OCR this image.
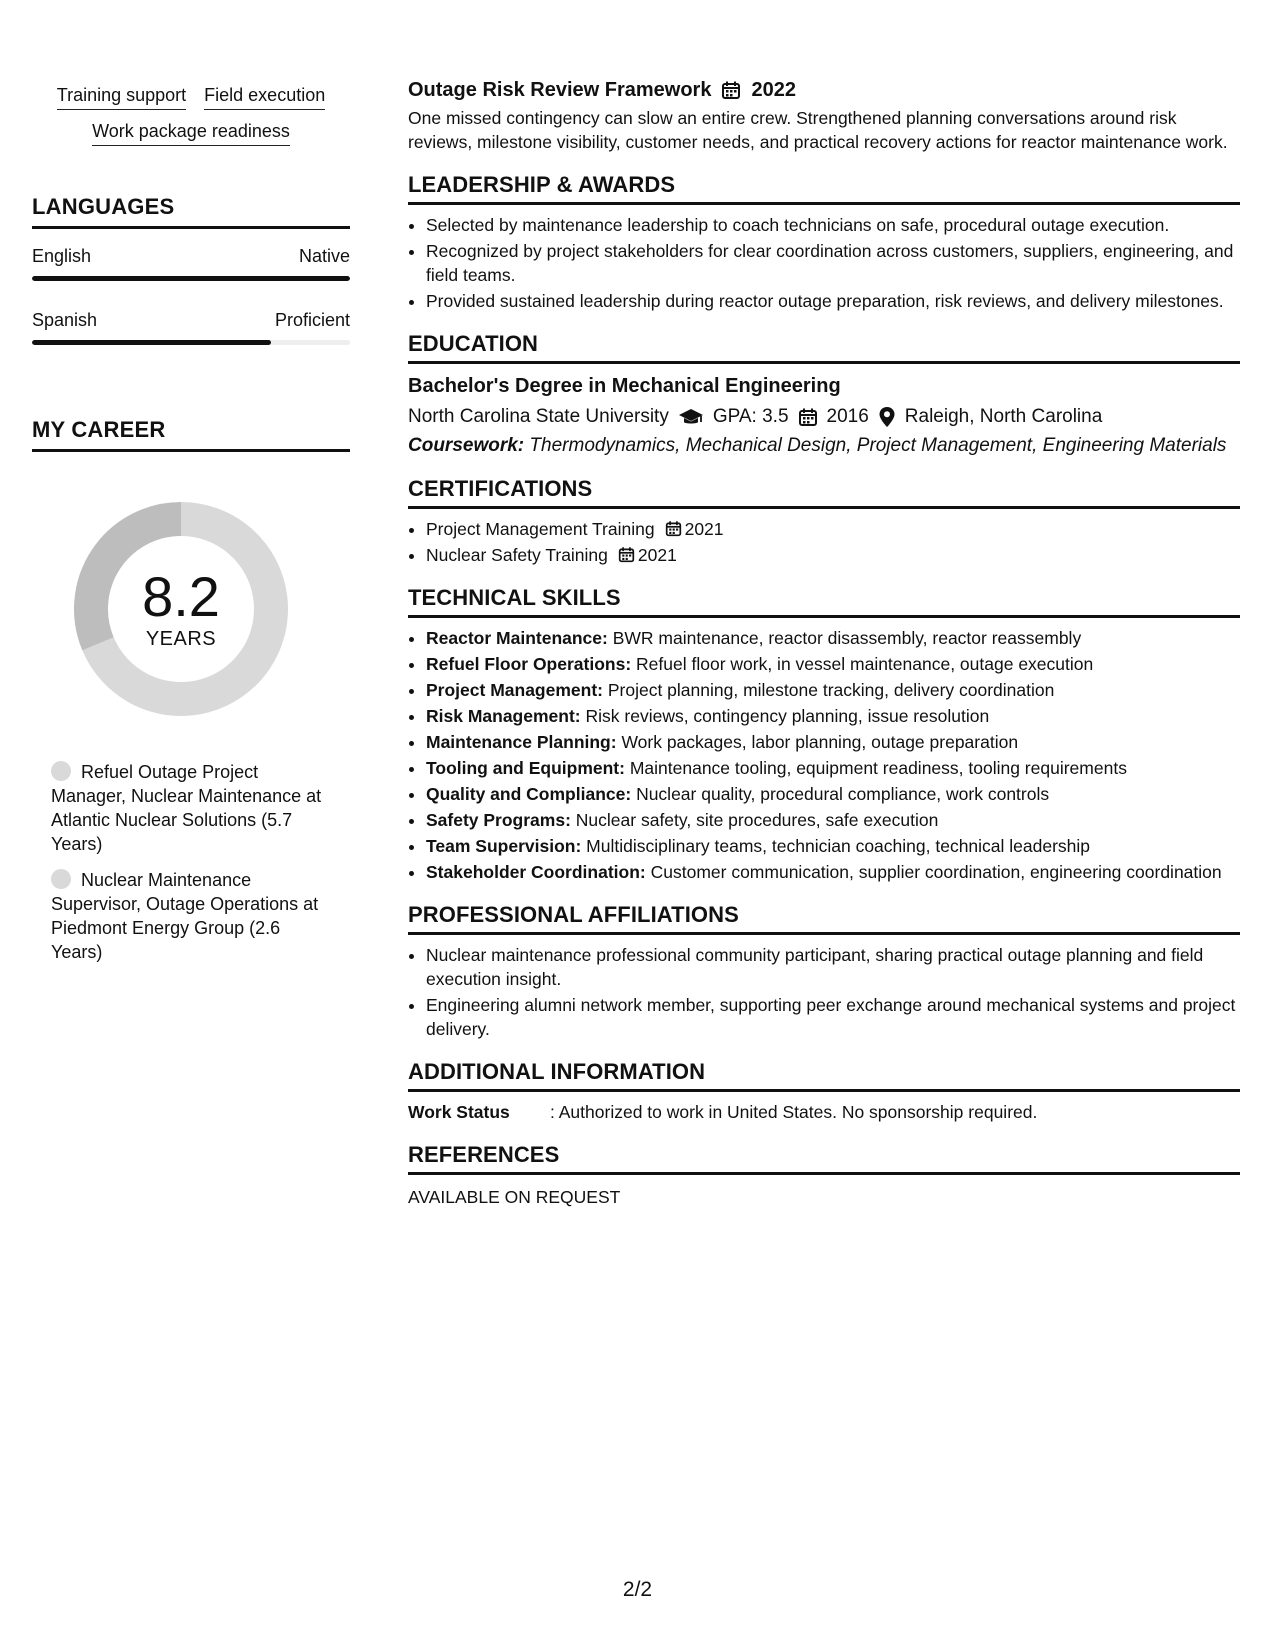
Training support Field execution
Work package readiness
LANGUAGES
English	Native
Spanish	Proficient
MY CAREER
8.2
YEARS
Refuel Outage Project Manager, Nuclear Maintenance at Atlantic Nuclear Solutions (5.7 Years)
Nuclear Maintenance Supervisor, Outage Operations at Piedmont Energy Group (2.6 Years)
Outage Risk Review Framework 2022
One missed contingency can slow an entire crew. Strengthened planning conversations around risk reviews, milestone visibility, customer needs, and practical recovery actions for reactor maintenance work.
LEADERSHIP & AWARDS
• Selected by maintenance leadership to coach technicians on safe, procedural outage execution.
• Recognized by project stakeholders for clear coordination across customers, suppliers, engineering, and field teams.
• Provided sustained leadership during reactor outage preparation, risk reviews, and delivery milestones.
EDUCATION
Bachelor's Degree in Mechanical Engineering
North Carolina State University GPA: 3.5 2016 Raleigh, North Carolina
Coursework: Thermodynamics, Mechanical Design, Project Management, Engineering Materials
CERTIFICATIONS
• Project Management Training 2021
• Nuclear Safety Training 2021
TECHNICAL SKILLS
• Reactor Maintenance: BWR maintenance, reactor disassembly, reactor reassembly
• Refuel Floor Operations: Refuel floor work, in vessel maintenance, outage execution
• Project Management: Project planning, milestone tracking, delivery coordination
• Risk Management: Risk reviews, contingency planning, issue resolution
• Maintenance Planning: Work packages, labor planning, outage preparation
• Tooling and Equipment: Maintenance tooling, equipment readiness, tooling requirements
• Quality and Compliance: Nuclear quality, procedural compliance, work controls
• Safety Programs: Nuclear safety, site procedures, safe execution
• Team Supervision: Multidisciplinary teams, technician coaching, technical leadership
• Stakeholder Coordination: Customer communication, supplier coordination, engineering coordination
PROFESSIONAL AFFILIATIONS
• Nuclear maintenance professional community participant, sharing practical outage planning and field execution insight.
• Engineering alumni network member, supporting peer exchange around mechanical systems and project delivery.
ADDITIONAL INFORMATION
Work Status	: Authorized to work in United States. No sponsorship required.
REFERENCES
AVAILABLE ON REQUEST
2/2
